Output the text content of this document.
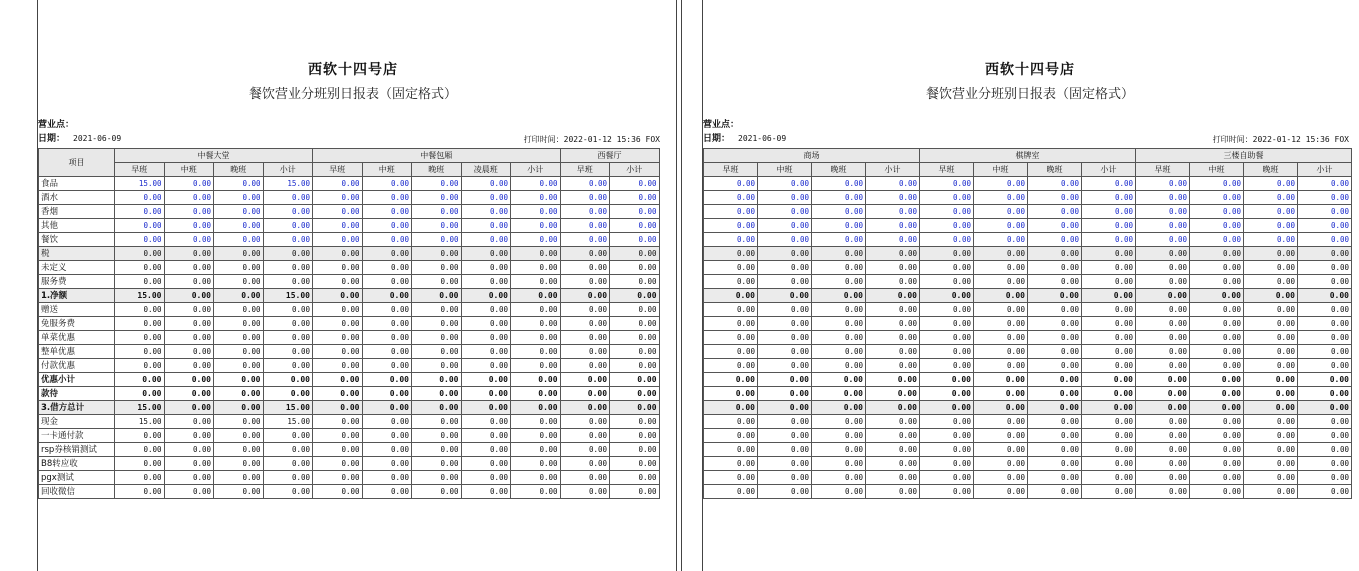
西软十四号店
餐饮营业分班别日报表（固定格式）
营业点：
日期： 2021-06-09	打印时间：2022-01-12 15:36 FOX
项目	中餐大堂				中餐包厢					西餐厅	
	早班	中班	晚班	小计	早班	中班	晚班	凌晨班	小计	早班	小计
食品	15.00	0.00	0.00	15.00	0.00	0.00	0.00	0.00	0.00	0.00	0.00
酒水	0.00	0.00	0.00	0.00	0.00	0.00	0.00	0.00	0.00	0.00	0.00
香烟	0.00	0.00	0.00	0.00	0.00	0.00	0.00	0.00	0.00	0.00	0.00
其他	0.00	0.00	0.00	0.00	0.00	0.00	0.00	0.00	0.00	0.00	0.00
餐饮	0.00	0.00	0.00	0.00	0.00	0.00	0.00	0.00	0.00	0.00	0.00
税	0.00	0.00	0.00	0.00	0.00	0.00	0.00	0.00	0.00	0.00	0.00
未定义	0.00	0.00	0.00	0.00	0.00	0.00	0.00	0.00	0.00	0.00	0.00
服务费	0.00	0.00	0.00	0.00	0.00	0.00	0.00	0.00	0.00	0.00	0.00
1.净额	15.00	0.00	0.00	15.00	0.00	0.00	0.00	0.00	0.00	0.00	0.00
赠送	0.00	0.00	0.00	0.00	0.00	0.00	0.00	0.00	0.00	0.00	0.00
免服务费	0.00	0.00	0.00	0.00	0.00	0.00	0.00	0.00	0.00	0.00	0.00
单菜优惠	0.00	0.00	0.00	0.00	0.00	0.00	0.00	0.00	0.00	0.00	0.00
整单优惠	0.00	0.00	0.00	0.00	0.00	0.00	0.00	0.00	0.00	0.00	0.00
付款优惠	0.00	0.00	0.00	0.00	0.00	0.00	0.00	0.00	0.00	0.00	0.00
优惠小计	0.00	0.00	0.00	0.00	0.00	0.00	0.00	0.00	0.00	0.00	0.00
款待	0.00	0.00	0.00	0.00	0.00	0.00	0.00	0.00	0.00	0.00	0.00
3.借方总计	15.00	0.00	0.00	15.00	0.00	0.00	0.00	0.00	0.00	0.00	0.00
现金	15.00	0.00	0.00	15.00	0.00	0.00	0.00	0.00	0.00	0.00	0.00
一卡通付款	0.00	0.00	0.00	0.00	0.00	0.00	0.00	0.00	0.00	0.00	0.00
rsp券核销测试	0.00	0.00	0.00	0.00	0.00	0.00	0.00	0.00	0.00	0.00	0.00
B8转应收	0.00	0.00	0.00	0.00	0.00	0.00	0.00	0.00	0.00	0.00	0.00
pgx测试	0.00	0.00	0.00	0.00	0.00	0.00	0.00	0.00	0.00	0.00	0.00
回收微信	0.00	0.00	0.00	0.00	0.00	0.00	0.00	0.00	0.00	0.00	0.00
西软十四号店
餐饮营业分班别日报表（固定格式）
营业点：
日期： 2021-06-09	打印时间：2022-01-12 15:36 FOX
商场				棋牌室				三楼自助餐			
早班	中班	晚班	小计	早班	中班	晚班	小计	早班	中班	晚班	小计
0.00	0.00	0.00	0.00	0.00	0.00	0.00	0.00	0.00	0.00	0.00	0.00
0.00	0.00	0.00	0.00	0.00	0.00	0.00	0.00	0.00	0.00	0.00	0.00
0.00	0.00	0.00	0.00	0.00	0.00	0.00	0.00	0.00	0.00	0.00	0.00
0.00	0.00	0.00	0.00	0.00	0.00	0.00	0.00	0.00	0.00	0.00	0.00
0.00	0.00	0.00	0.00	0.00	0.00	0.00	0.00	0.00	0.00	0.00	0.00
0.00	0.00	0.00	0.00	0.00	0.00	0.00	0.00	0.00	0.00	0.00	0.00
0.00	0.00	0.00	0.00	0.00	0.00	0.00	0.00	0.00	0.00	0.00	0.00
0.00	0.00	0.00	0.00	0.00	0.00	0.00	0.00	0.00	0.00	0.00	0.00
0.00	0.00	0.00	0.00	0.00	0.00	0.00	0.00	0.00	0.00	0.00	0.00
0.00	0.00	0.00	0.00	0.00	0.00	0.00	0.00	0.00	0.00	0.00	0.00
0.00	0.00	0.00	0.00	0.00	0.00	0.00	0.00	0.00	0.00	0.00	0.00
0.00	0.00	0.00	0.00	0.00	0.00	0.00	0.00	0.00	0.00	0.00	0.00
0.00	0.00	0.00	0.00	0.00	0.00	0.00	0.00	0.00	0.00	0.00	0.00
0.00	0.00	0.00	0.00	0.00	0.00	0.00	0.00	0.00	0.00	0.00	0.00
0.00	0.00	0.00	0.00	0.00	0.00	0.00	0.00	0.00	0.00	0.00	0.00
0.00	0.00	0.00	0.00	0.00	0.00	0.00	0.00	0.00	0.00	0.00	0.00
0.00	0.00	0.00	0.00	0.00	0.00	0.00	0.00	0.00	0.00	0.00	0.00
0.00	0.00	0.00	0.00	0.00	0.00	0.00	0.00	0.00	0.00	0.00	0.00
0.00	0.00	0.00	0.00	0.00	0.00	0.00	0.00	0.00	0.00	0.00	0.00
0.00	0.00	0.00	0.00	0.00	0.00	0.00	0.00	0.00	0.00	0.00	0.00
0.00	0.00	0.00	0.00	0.00	0.00	0.00	0.00	0.00	0.00	0.00	0.00
0.00	0.00	0.00	0.00	0.00	0.00	0.00	0.00	0.00	0.00	0.00	0.00
0.00	0.00	0.00	0.00	0.00	0.00	0.00	0.00	0.00	0.00	0.00	0.00
